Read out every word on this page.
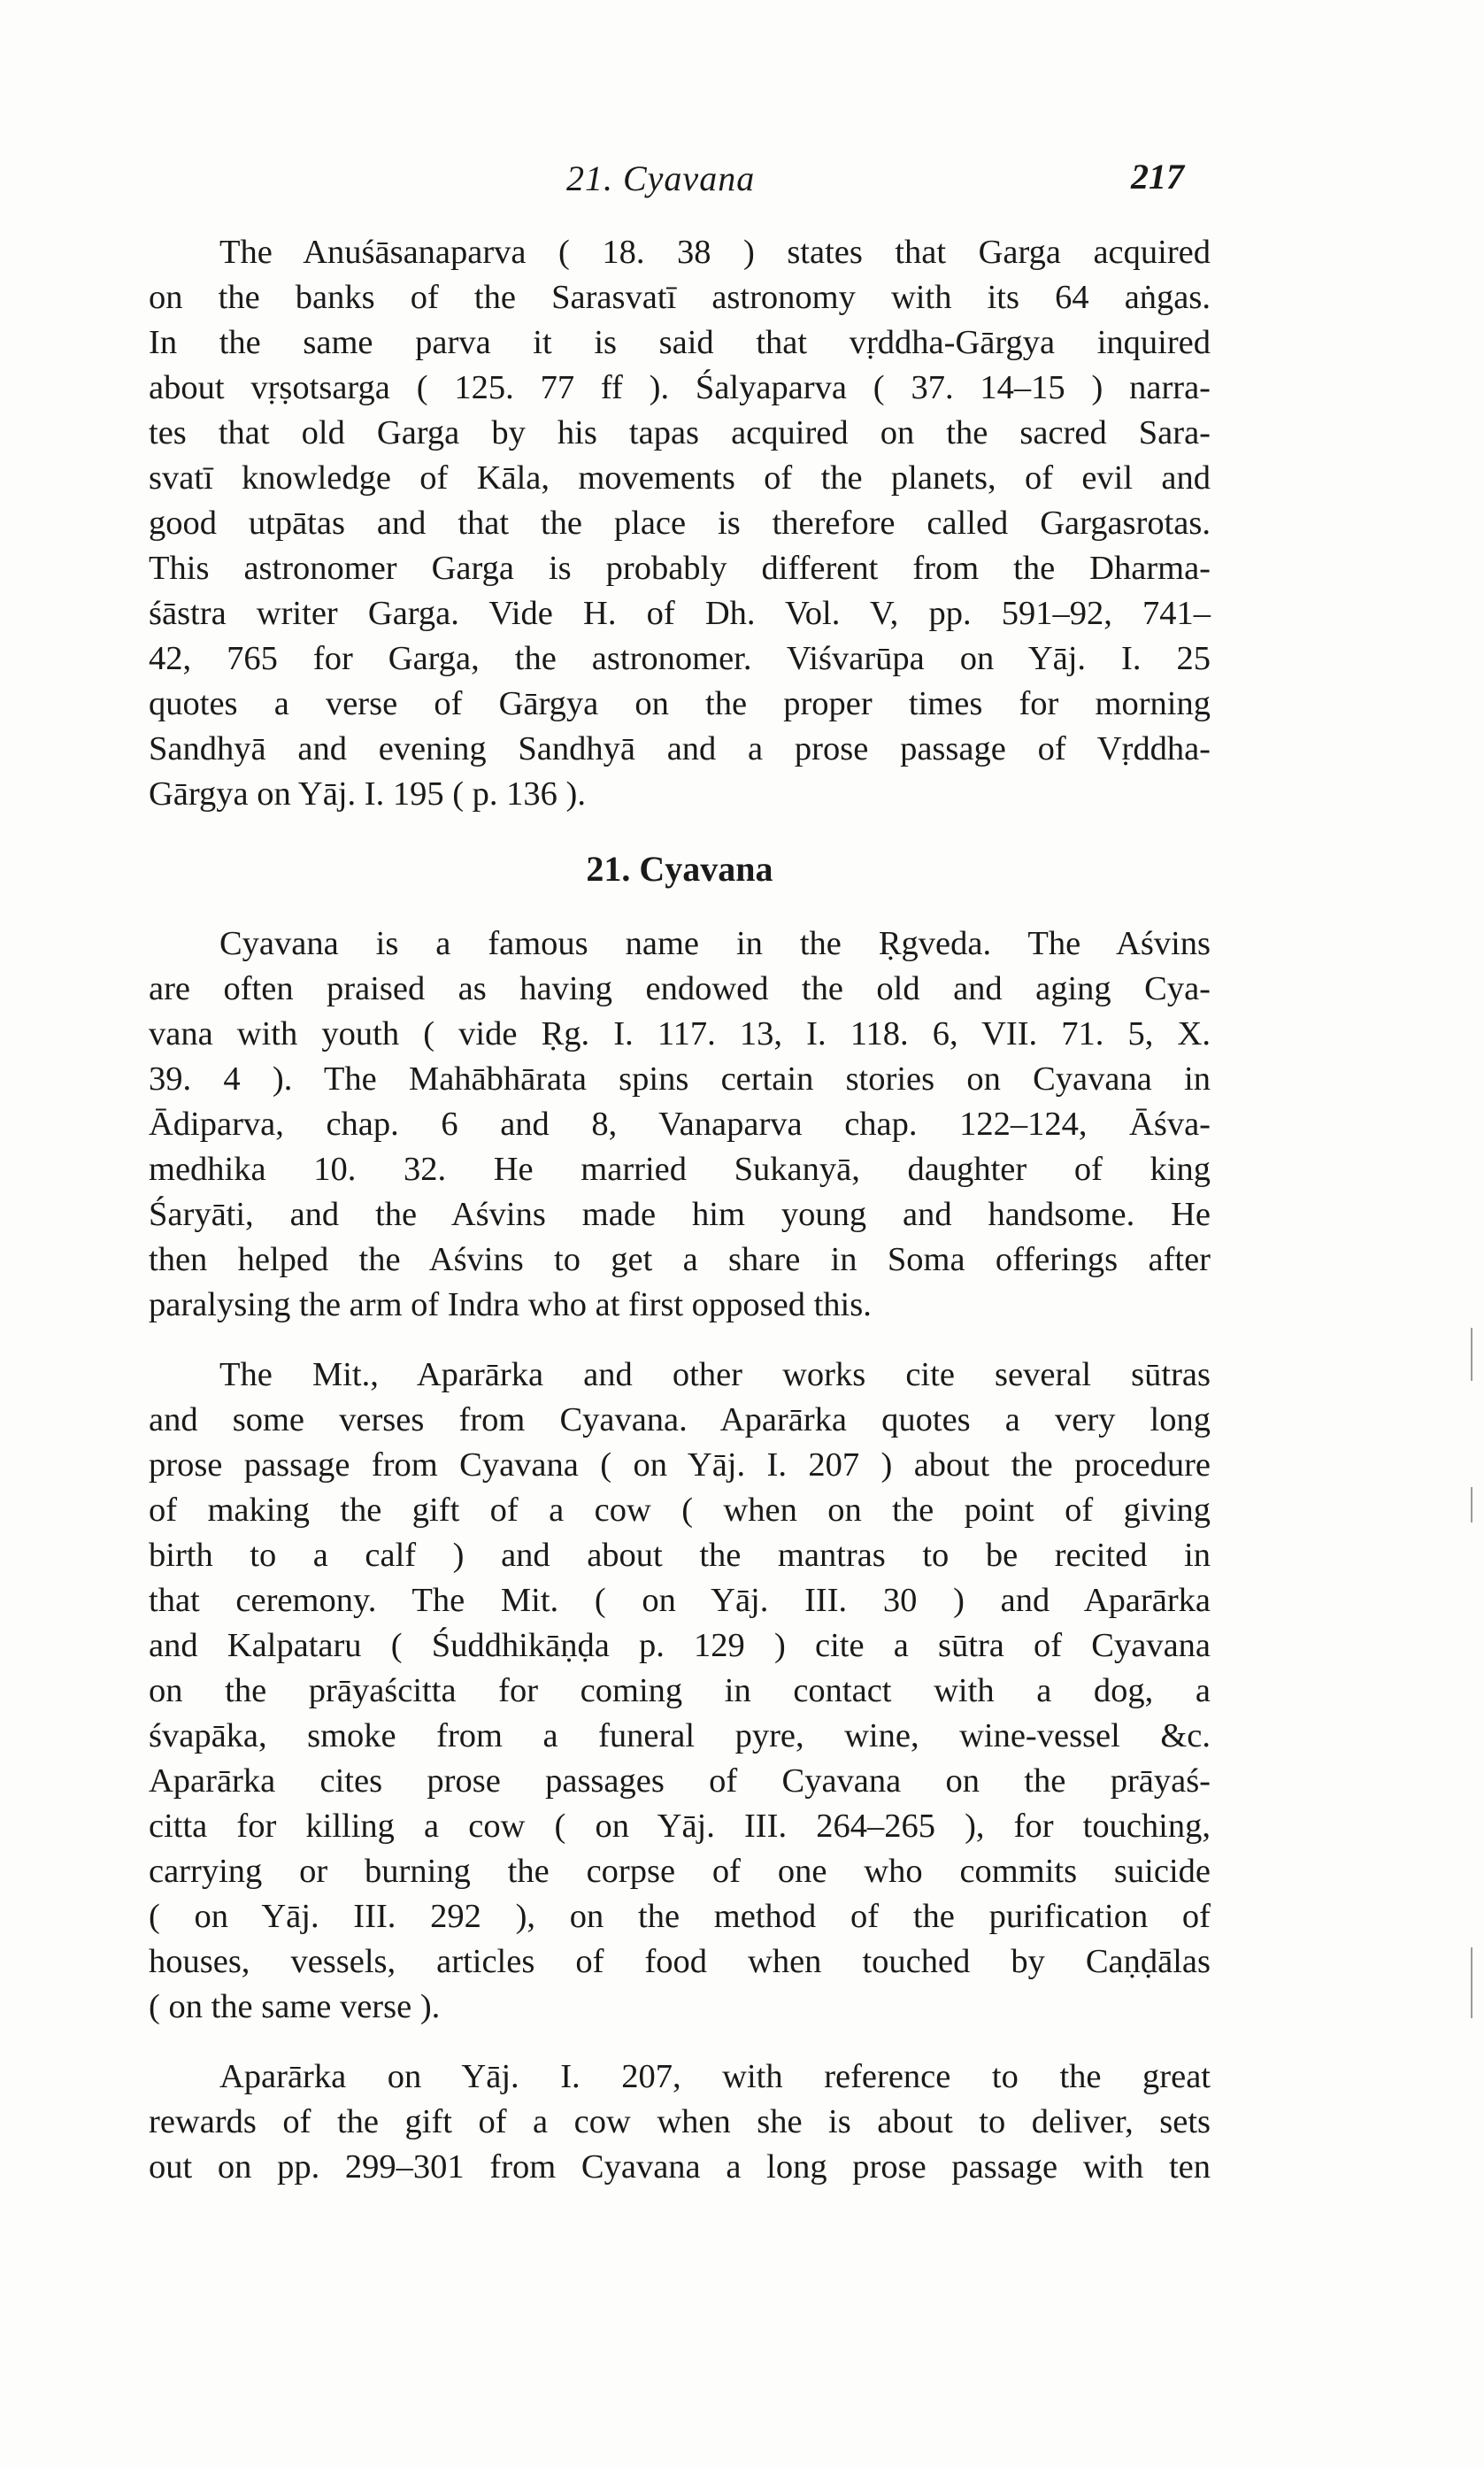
21. Cyavana	217
The Anuśāsanaparva ( 18. 38 ) states that Garga acquired
on the banks of the Sarasvatī astronomy with its 64 aṅgas.
In the same parva it is said that vṛddha-Gārgya inquired
about vṛṣotsarga ( 125. 77 ff ). Śalyaparva ( 37. 14–15 ) narra-
tes that old Garga by his tapas acquired on the sacred Sara-
svatī knowledge of Kāla, movements of the planets, of evil and
good utpātas and that the place is therefore called Gargasrotas.
This astronomer Garga is probably different from the Dharma-
śāstra writer Garga. Vide H. of Dh. Vol. V, pp. 591–92, 741–
42, 765 for Garga, the astronomer. Viśvarūpa on Yāj. I. 25
quotes a verse of Gārgya on the proper times for morning
Sandhyā and evening Sandhyā and a prose passage of Vṛddha-
Gārgya on Yāj. I. 195 ( p. 136 ).
21. Cyavana
Cyavana is a famous name in the Ṛgveda. The Aśvins
are often praised as having endowed the old and aging Cya-
vana with youth ( vide Ṛg. I. 117. 13, I. 118. 6, VII. 71. 5, X.
39. 4 ). The Mahābhārata spins certain stories on Cyavana in
Ādiparva, chap. 6 and 8, Vanaparva chap. 122–124, Āśva-
medhika 10. 32. He married Sukanyā, daughter of king
Śaryāti, and the Aśvins made him young and handsome. He
then helped the Aśvins to get a share in Soma offerings after
paralysing the arm of Indra who at first opposed this.
The Mit., Aparārka and other works cite several sūtras
and some verses from Cyavana. Aparārka quotes a very long
prose passage from Cyavana ( on Yāj. I. 207 ) about the procedure
of making the gift of a cow ( when on the point of giving
birth to a calf ) and about the mantras to be recited in
that ceremony. The Mit. ( on Yāj. III. 30 ) and Aparārka
and Kalpataru ( Śuddhikāṇḍa p. 129 ) cite a sūtra of Cyavana
on the prāyaścitta for coming in contact with a dog, a
śvapāka, smoke from a funeral pyre, wine, wine-vessel &c.
Aparārka cites prose passages of Cyavana on the prāyaś-
citta for killing a cow ( on Yāj. III. 264–265 ), for touching,
carrying or burning the corpse of one who commits suicide
( on Yāj. III. 292 ), on the method of the purification of
houses, vessels, articles of food when touched by Caṇḍālas
( on the same verse ).
Aparārka on Yāj. I. 207, with reference to the great
rewards of the gift of a cow when she is about to deliver, sets
out on pp. 299–301 from Cyavana a long prose passage with ten
